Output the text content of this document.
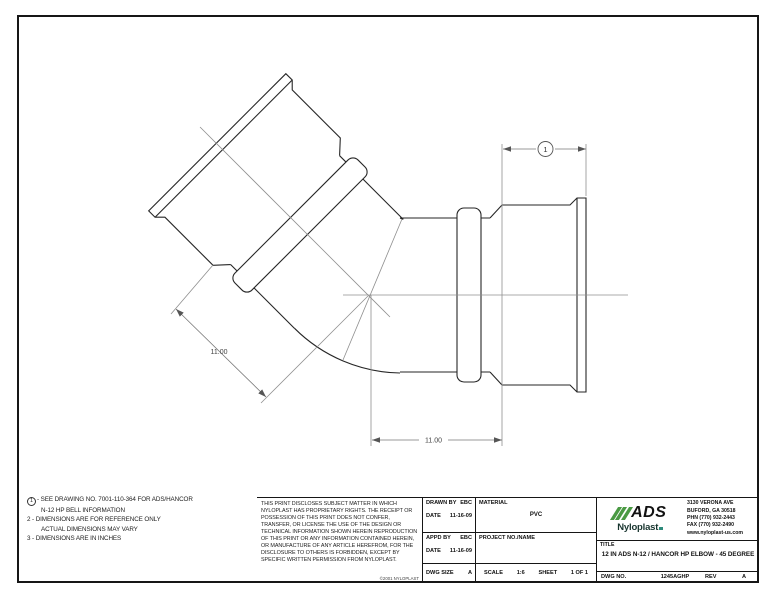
1
11.00
11.00
1 - SEE DRAWING NO. 7001-110-364 FOR ADS/HANCOR
N-12 HP BELL INFORMATION
2 - DIMENSIONS ARE FOR REFERENCE ONLY
ACTUAL DIMENSIONS MAY VARY
3 - DIMENSIONS ARE IN INCHES
THIS PRINT DISCLOSES SUBJECT MATTER IN WHICH NYLOPLAST HAS PROPRIETARY RIGHTS. THE RECEIPT OR POSSESSION OF THIS PRINT DOES NOT CONFER, TRANSFER, OR LICENSE THE USE OF THE DESIGN OR TECHNICAL INFORMATION SHOWN HEREIN REPRODUCTION OF THIS PRINT OR ANY INFORMATION CONTAINED HEREIN, OR MANUFACTURE OF ANY ARTICLE HEREFROM, FOR THE DISCLOSURE TO OTHERS IS FORBIDDEN, EXCEPT BY SPECIFIC WRITTEN PERMISSION FROM NYLOPLAST.
©2001 NYLOPLAST
DRAWN BY EBC
DATE 11-16-09
APPD BY EBC
DATE 11-16-09
DWG SIZE	A
MATERIAL
PVC
PROJECT NO./NAME
SCALE 1:6 SHEET 1 OF 1
ADS
Nyloplast
3130 VERONA AVE
BUFORD, GA 30518
PHN (770) 932-2443
FAX (770) 932-2490
www.nyloplast-us.com
TITLE
12 IN ADS N-12 / HANCOR HP ELBOW - 45 DEGREE
DWG NO.	1245AGHP	REV	A
